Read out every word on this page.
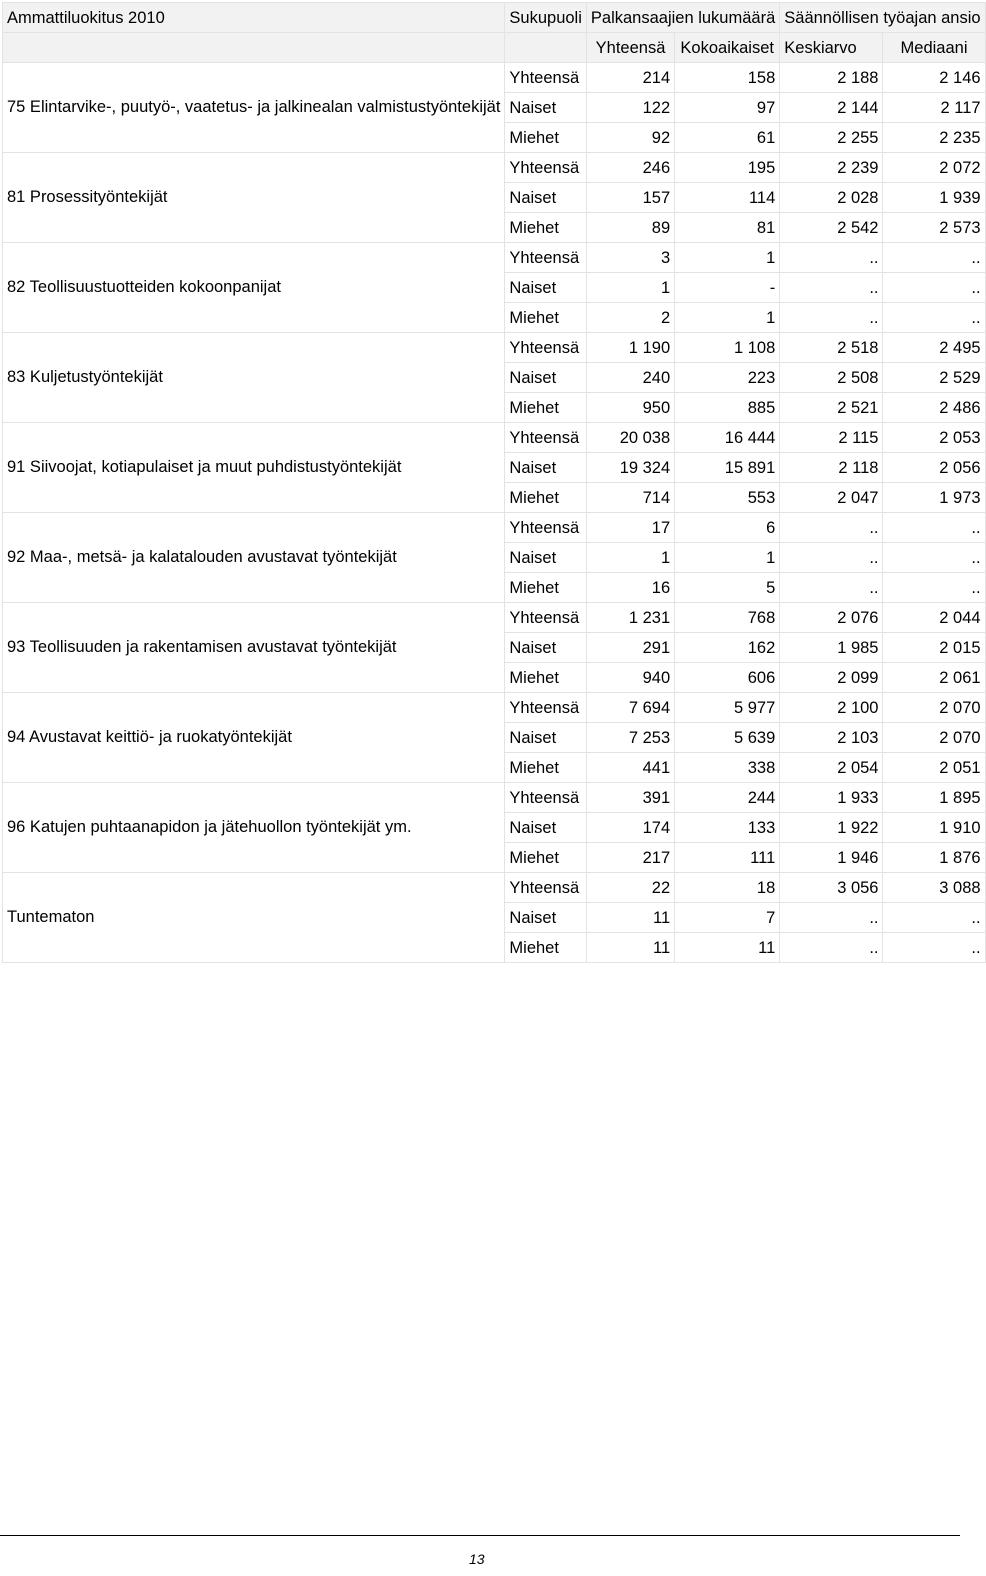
Ammattiluokitus 2010	Sukupuoli	Palkansaajien lukumäärä		Säännöllisen työajan ansio	
		Yhteensä	Kokoaikaiset	Keskiarvo	Mediaani
75 Elintarvike-, puutyö-, vaatetus- ja jalkinealan valmistustyöntekijät	Yhteensä	214	158	2 188	2 146
	Naiset	122	97	2 144	2 117
	Miehet	92	61	2 255	2 235
81 Prosessityöntekijät	Yhteensä	246	195	2 239	2 072
	Naiset	157	114	2 028	1 939
	Miehet	89	81	2 542	2 573
82 Teollisuustuotteiden kokoonpanijat	Yhteensä	3	1	..	..
	Naiset	1	-	..	..
	Miehet	2	1	..	..
83 Kuljetustyöntekijät	Yhteensä	1 190	1 108	2 518	2 495
	Naiset	240	223	2 508	2 529
	Miehet	950	885	2 521	2 486
91 Siivoojat, kotiapulaiset ja muut puhdistustyöntekijät	Yhteensä	20 038	16 444	2 115	2 053
	Naiset	19 324	15 891	2 118	2 056
	Miehet	714	553	2 047	1 973
92 Maa-, metsä- ja kalatalouden avustavat työntekijät	Yhteensä	17	6	..	..
	Naiset	1	1	..	..
	Miehet	16	5	..	..
93 Teollisuuden ja rakentamisen avustavat työntekijät	Yhteensä	1 231	768	2 076	2 044
	Naiset	291	162	1 985	2 015
	Miehet	940	606	2 099	2 061
94 Avustavat keittiö- ja ruokatyöntekijät	Yhteensä	7 694	5 977	2 100	2 070
	Naiset	7 253	5 639	2 103	2 070
	Miehet	441	338	2 054	2 051
96 Katujen puhtaanapidon ja jätehuollon työntekijät ym.	Yhteensä	391	244	1 933	1 895
	Naiset	174	133	1 922	1 910
	Miehet	217	111	1 946	1 876
Tuntematon	Yhteensä	22	18	3 056	3 088
	Naiset	11	7	..	..
	Miehet	11	11	..	..
13
